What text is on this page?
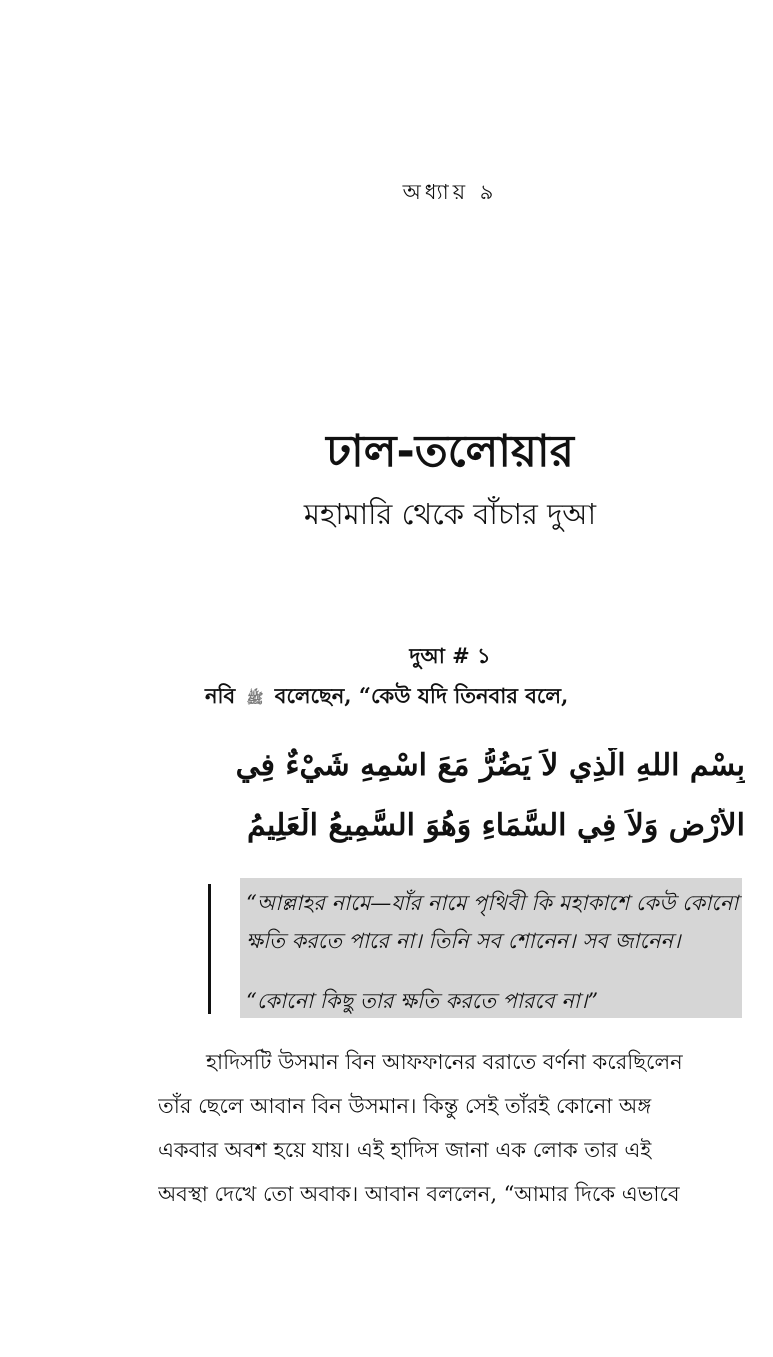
অধ্যায় ৯
ঢাল-তলোয়ার
মহামারি থেকে বাঁচার দুআ
দুআ # ১
নবি ﷺ বলেছেন, “কেউ যদি তিনবার বলে,
بِسْمِ اللهِ الَّذِي لاَ يَضُرُّ مَعَ اسْمِهِ شَيْءٌ فِي
الأَرْضِ وَلاَ فِي السَّمَاءِ وَهُوَ السَّمِيعُ الْعَلِيمُ

“আল্লাহর নামে—যাঁর নামে পৃথিবী কি মহাকাশে কেউ কোনো

ক্ষতি করতে পারে না। তিনি সব শোনেন। সব জানেন।

“কোনো কিছু তার ক্ষতি করতে পারবে না।”

হাদিসটি উসমান বিন আফফানের বরাতে বর্ণনা করেছিলেন

তাঁর ছেলে আবান বিন উসমান। কিন্তু সেই তাঁরই কোনো অঙ্গ

একবার অবশ হয়ে যায়। এই হাদিস জানা এক লোক তার এই

অবস্থা দেখে তো অবাক। আবান বললেন, “আমার দিকে এভাবে
